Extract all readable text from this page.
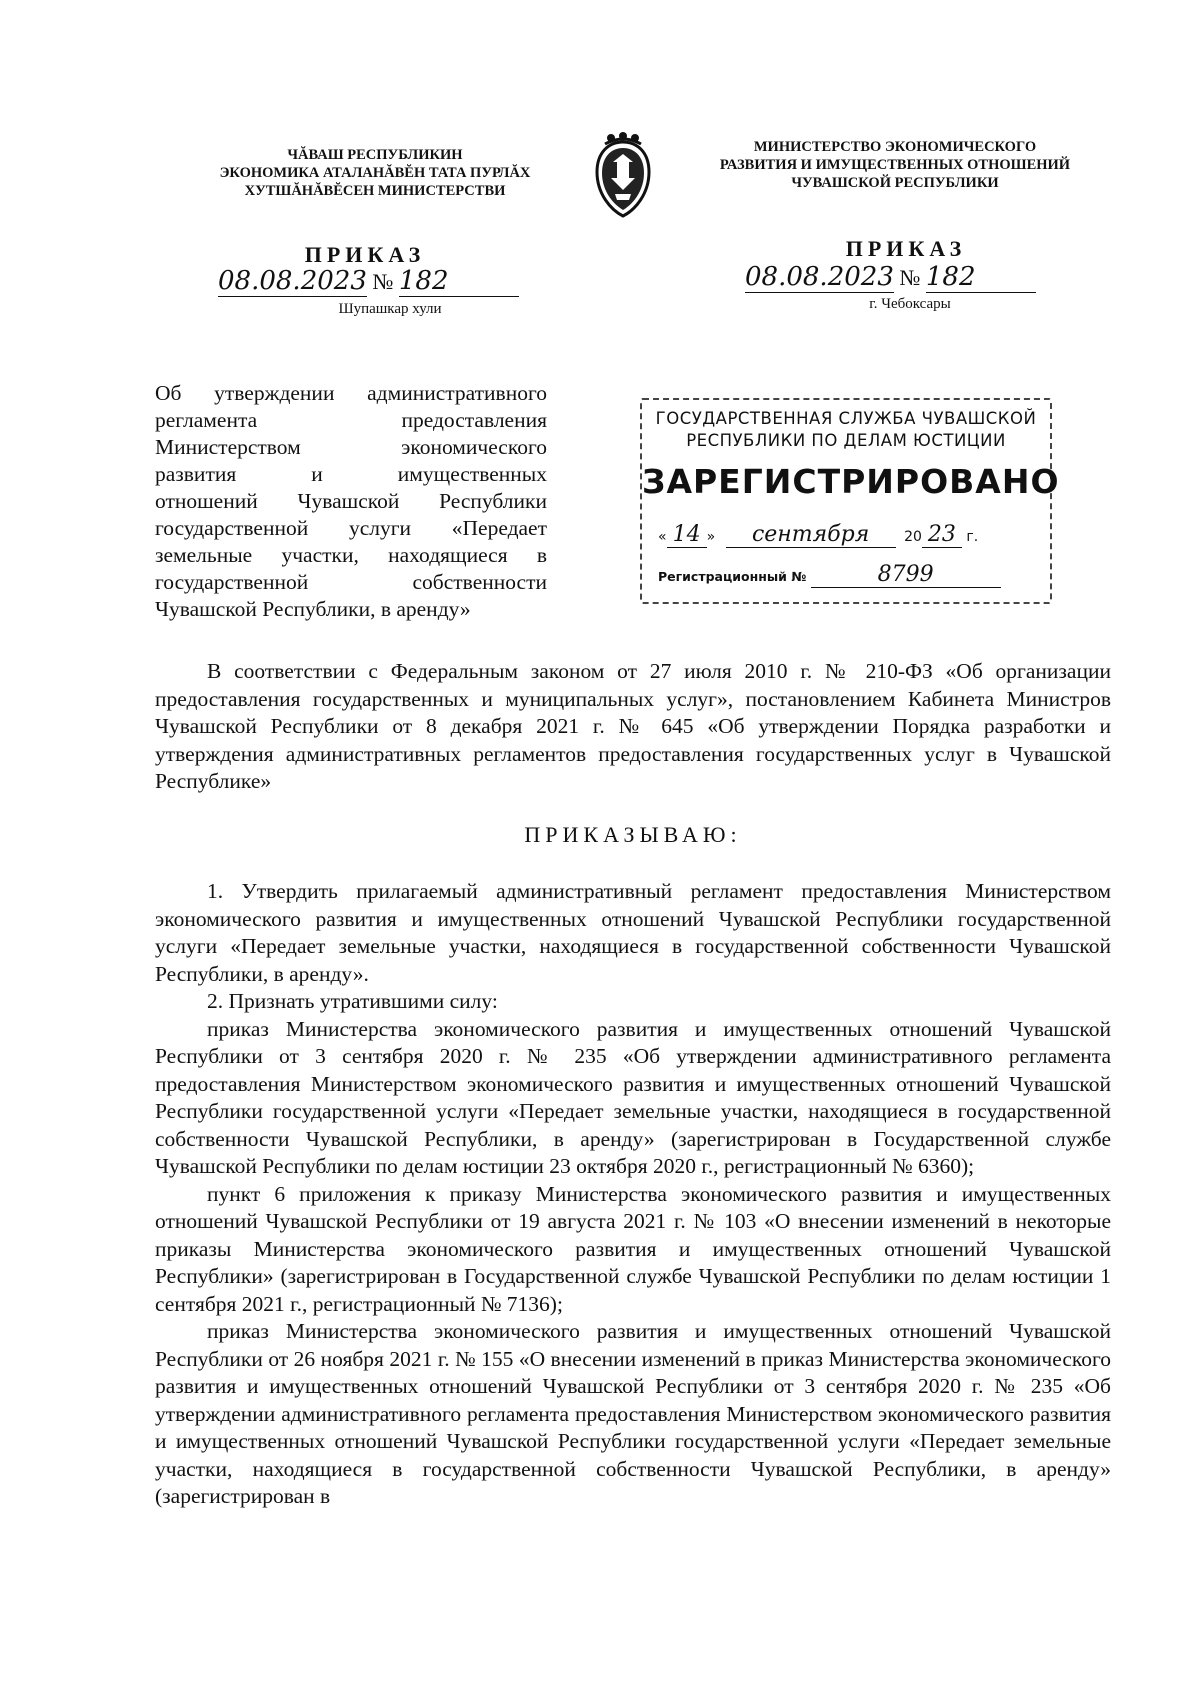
ЧĂВАШ РЕСПУБЛИКИН
ЭКОНОМИКА АТАЛАНĂВĔН ТАТА ПУРЛĂХ
ХУТШĂНĂВĔСЕН МИНИСТЕРСТВИ
МИНИСТЕРСТВО ЭКОНОМИЧЕСКОГО
РАЗВИТИЯ И ИМУЩЕСТВЕННЫХ ОТНОШЕНИЙ
ЧУВАШСКОЙ РЕСПУБЛИКИ
ПРИКАЗ	ПРИКАЗ
08.08.2023 № 182	08.08.2023 № 182
Шупашкар хули	г. Чебоксары
Об утверждении административного
регламента предоставления
Министерством экономического
развития и имущественных
отношений Чувашской Республики
государственной услуги «Передает
земельные участки, находящиеся в
государственной собственности
Чувашской Республики, в аренду»
ГОСУДАРСТВЕННАЯ СЛУЖБА ЧУВАШСКОЙ
РЕСПУБЛИКИ ПО ДЕЛАМ ЮСТИЦИИ
ЗАРЕГИСТРИРОВАНО
« 14 » сентября 20 23 г.
Регистрационный №	8799

В соответствии с Федеральным законом от 27 июля 2010 г. № 210-ФЗ «Об организации предоставления государственных и муниципальных услуг», постановлением Кабинета Министров Чувашской Республики от 8 декабря 2021 г. № 645 «Об утверждении Порядка разработки и утверждения административных регламентов предоставления государственных услуг в Чувашской Республике»

ПРИКАЗЫВАЮ:

1. Утвердить прилагаемый административный регламент предоставления Министерством экономического развития и имущественных отношений Чувашской Республики государственной услуги «Передает земельные участки, находящиеся в государственной собственности Чувашской Республики, в аренду».

2. Признать утратившими силу:

приказ Министерства экономического развития и имущественных отношений Чувашской Республики от 3 сентября 2020 г. № 235 «Об утверждении административного регламента предоставления Министерством экономического развития и имущественных отношений Чувашской Республики государственной услуги «Передает земельные участки, находящиеся в государственной собственности Чувашской Республики, в аренду» (зарегистрирован в Государственной службе Чувашской Республики по делам юстиции 23 октября 2020 г., регистрационный № 6360);

пункт 6 приложения к приказу Министерства экономического развития и имущественных отношений Чувашской Республики от 19 августа 2021 г. № 103 «О внесении изменений в некоторые приказы Министерства экономического развития и имущественных отношений Чувашской Республики» (зарегистрирован в Государственной службе Чувашской Республики по делам юстиции 1 сентября 2021 г., регистрационный № 7136);

приказ Министерства экономического развития и имущественных отношений Чувашской Республики от 26 ноября 2021 г. № 155 «О внесении изменений в приказ Министерства экономического развития и имущественных отношений Чувашской Республики от 3 сентября 2020 г. № 235 «Об утверждении административного регламента предоставления Министерством экономического развития и имущественных отношений Чувашской Республики государственной услуги «Передает земельные участки, находящиеся в государственной собственности Чувашской Республики, в аренду» (зарегистрирован в
